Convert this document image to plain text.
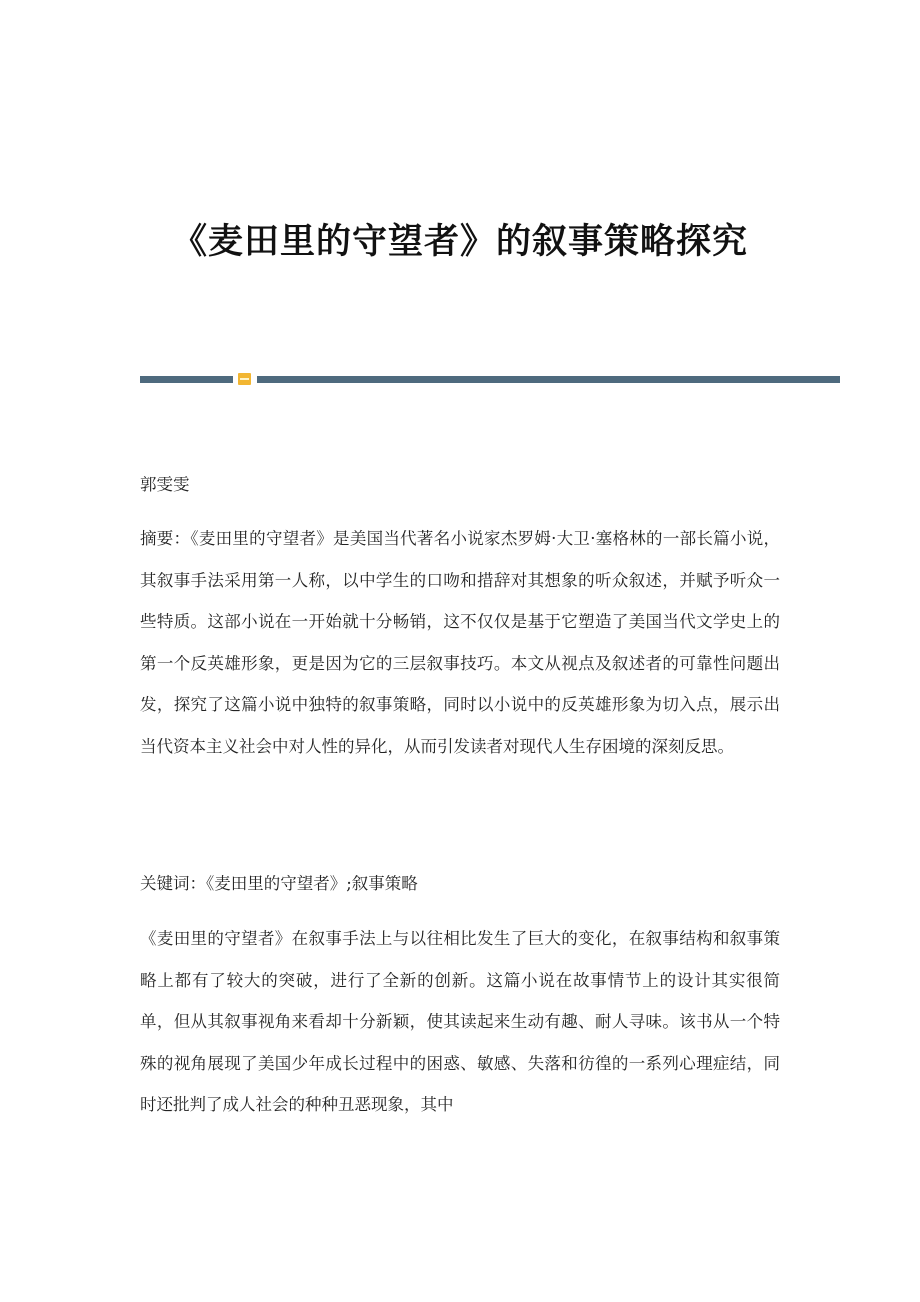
《麦田里的守望者》的叙事策略探究
郭雯雯
摘要：《麦田里的守望者》是美国当代著名小说家杰罗姆·大卫·塞格林的一部长篇小说，其叙事手法采用第一人称，以中学生的口吻和措辞对其想象的听众叙述，并赋予听众一些特质。这部小说在一开始就十分畅销，这不仅仅是基于它塑造了美国当代文学史上的第一个反英雄形象，更是因为它的三层叙事技巧。本文从视点及叙述者的可靠性问题出发，探究了这篇小说中独特的叙事策略，同时以小说中的反英雄形象为切入点，展示出当代资本主义社会中对人性的异化，从而引发读者对现代人生存困境的深刻反思。
关键词：《麦田里的守望者》;叙事策略
《麦田里的守望者》在叙事手法上与以往相比发生了巨大的变化，在叙事结构和叙事策略上都有了较大的突破，进行了全新的创新。这篇小说在故事情节上的设计其实很简单，但从其叙事视角来看却十分新颖，使其读起来生动有趣、耐人寻味。该书从一个特殊的视角展现了美国少年成长过程中的困惑、敏感、失落和彷徨的一系列心理症结，同时还批判了成人社会的种种丑恶现象，其中
